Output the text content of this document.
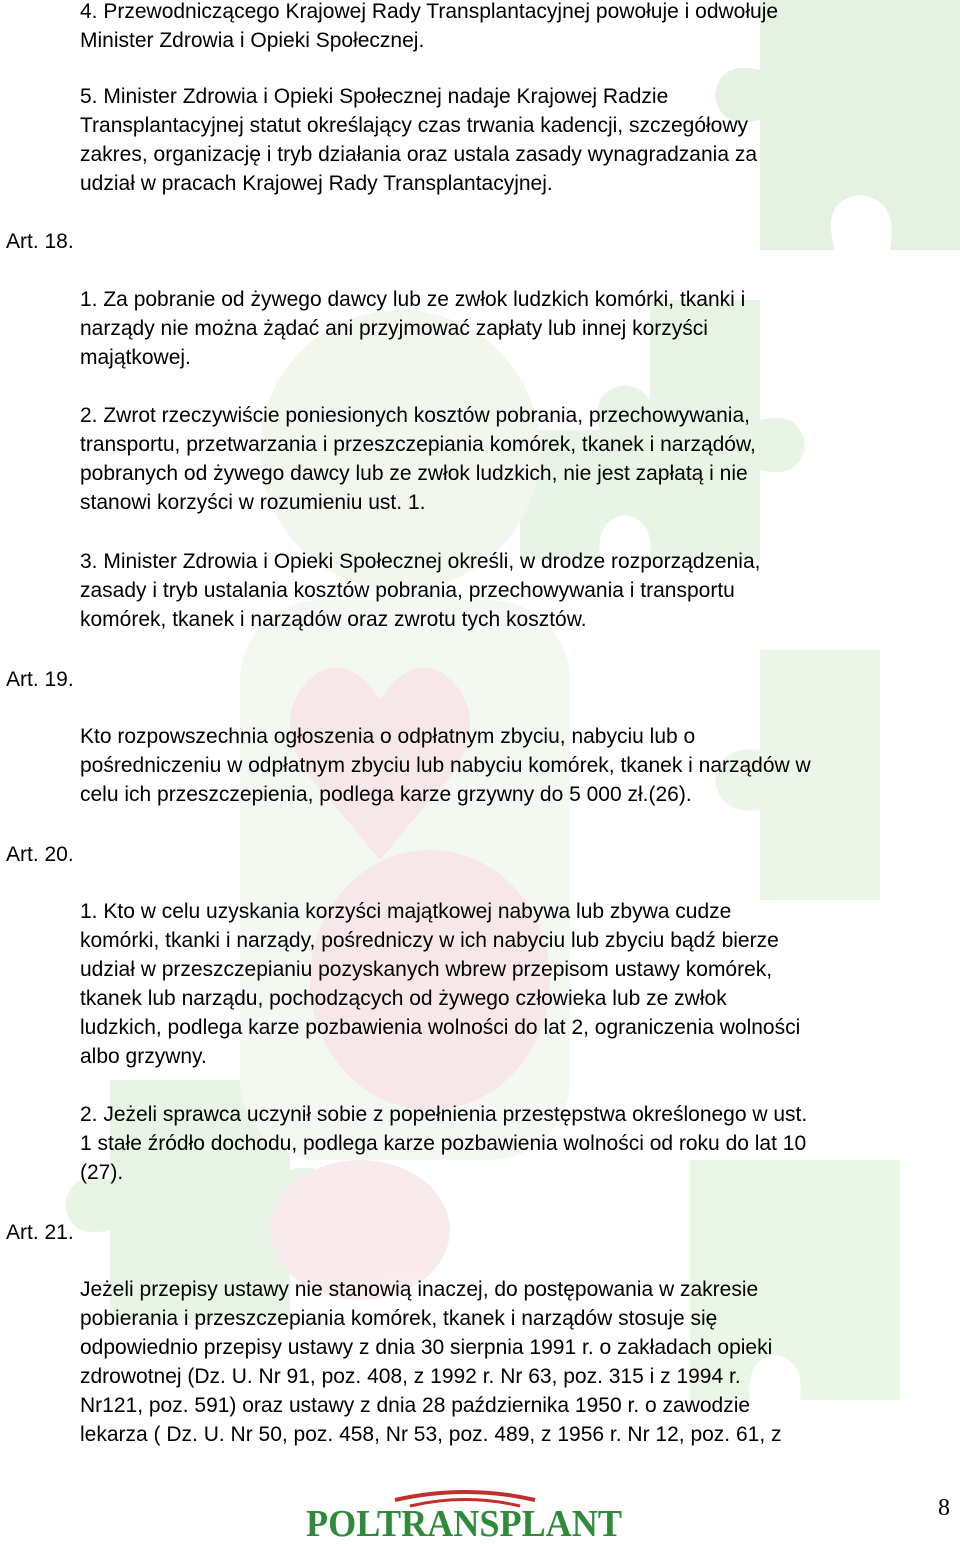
4. Przewodniczącego Krajowej Rady Transplantacyjnej powołuje i odwołuje
Minister Zdrowia i Opieki Społecznej.
5. Minister Zdrowia i Opieki Społecznej nadaje Krajowej Radzie
Transplantacyjnej statut określający czas trwania kadencji, szczegółowy
zakres, organizację i tryb działania oraz ustala zasady wynagradzania za
udział w pracach Krajowej Rady Transplantacyjnej.
Art. 18.
1. Za pobranie od żywego dawcy lub ze zwłok ludzkich komórki, tkanki i
narządy nie można żądać ani przyjmować zapłaty lub innej korzyści
majątkowej.
2. Zwrot rzeczywiście poniesionych kosztów pobrania, przechowywania,
transportu, przetwarzania i przeszczepiania komórek, tkanek i narządów,
pobranych od żywego dawcy lub ze zwłok ludzkich, nie jest zapłatą i nie
stanowi korzyści w rozumieniu ust. 1.
3. Minister Zdrowia i Opieki Społecznej określi, w drodze rozporządzenia,
zasady i tryb ustalania kosztów pobrania, przechowywania i transportu
komórek, tkanek i narządów oraz zwrotu tych kosztów.
Art. 19.
Kto rozpowszechnia ogłoszenia o odpłatnym zbyciu, nabyciu lub o
pośredniczeniu w odpłatnym zbyciu lub nabyciu komórek, tkanek i narządów w
celu ich przeszczepienia, podlega karze grzywny do 5 000 zł.(26).
Art. 20.
1. Kto w celu uzyskania korzyści majątkowej nabywa lub zbywa cudze
komórki, tkanki i narządy, pośredniczy w ich nabyciu lub zbyciu bądź bierze
udział w przeszczepianiu pozyskanych wbrew przepisom ustawy komórek,
tkanek lub narządu, pochodzących od żywego człowieka lub ze zwłok
ludzkich, podlega karze pozbawienia wolności do lat 2, ograniczenia wolności
albo grzywny.
2. Jeżeli sprawca uczynił sobie z popełnienia przestępstwa określonego w ust.
1 stałe źródło dochodu, podlega karze pozbawienia wolności od roku do lat 10
(27).
Art. 21.
Jeżeli przepisy ustawy nie stanowią inaczej, do postępowania w zakresie
pobierania i przeszczepiania komórek, tkanek i narządów stosuje się
odpowiednio przepisy ustawy z dnia 30 sierpnia 1991 r. o zakładach opieki
zdrowotnej (Dz. U. Nr 91, poz. 408, z 1992 r. Nr 63, poz. 315 i z 1994 r.
Nr121, poz. 591) oraz ustawy z dnia 28 października 1950 r. o zawodzie
lekarza ( Dz. U. Nr 50, poz. 458, Nr 53, poz. 489, z 1956 r. Nr 12, poz. 61, z
POLTRANSPLANT	8
